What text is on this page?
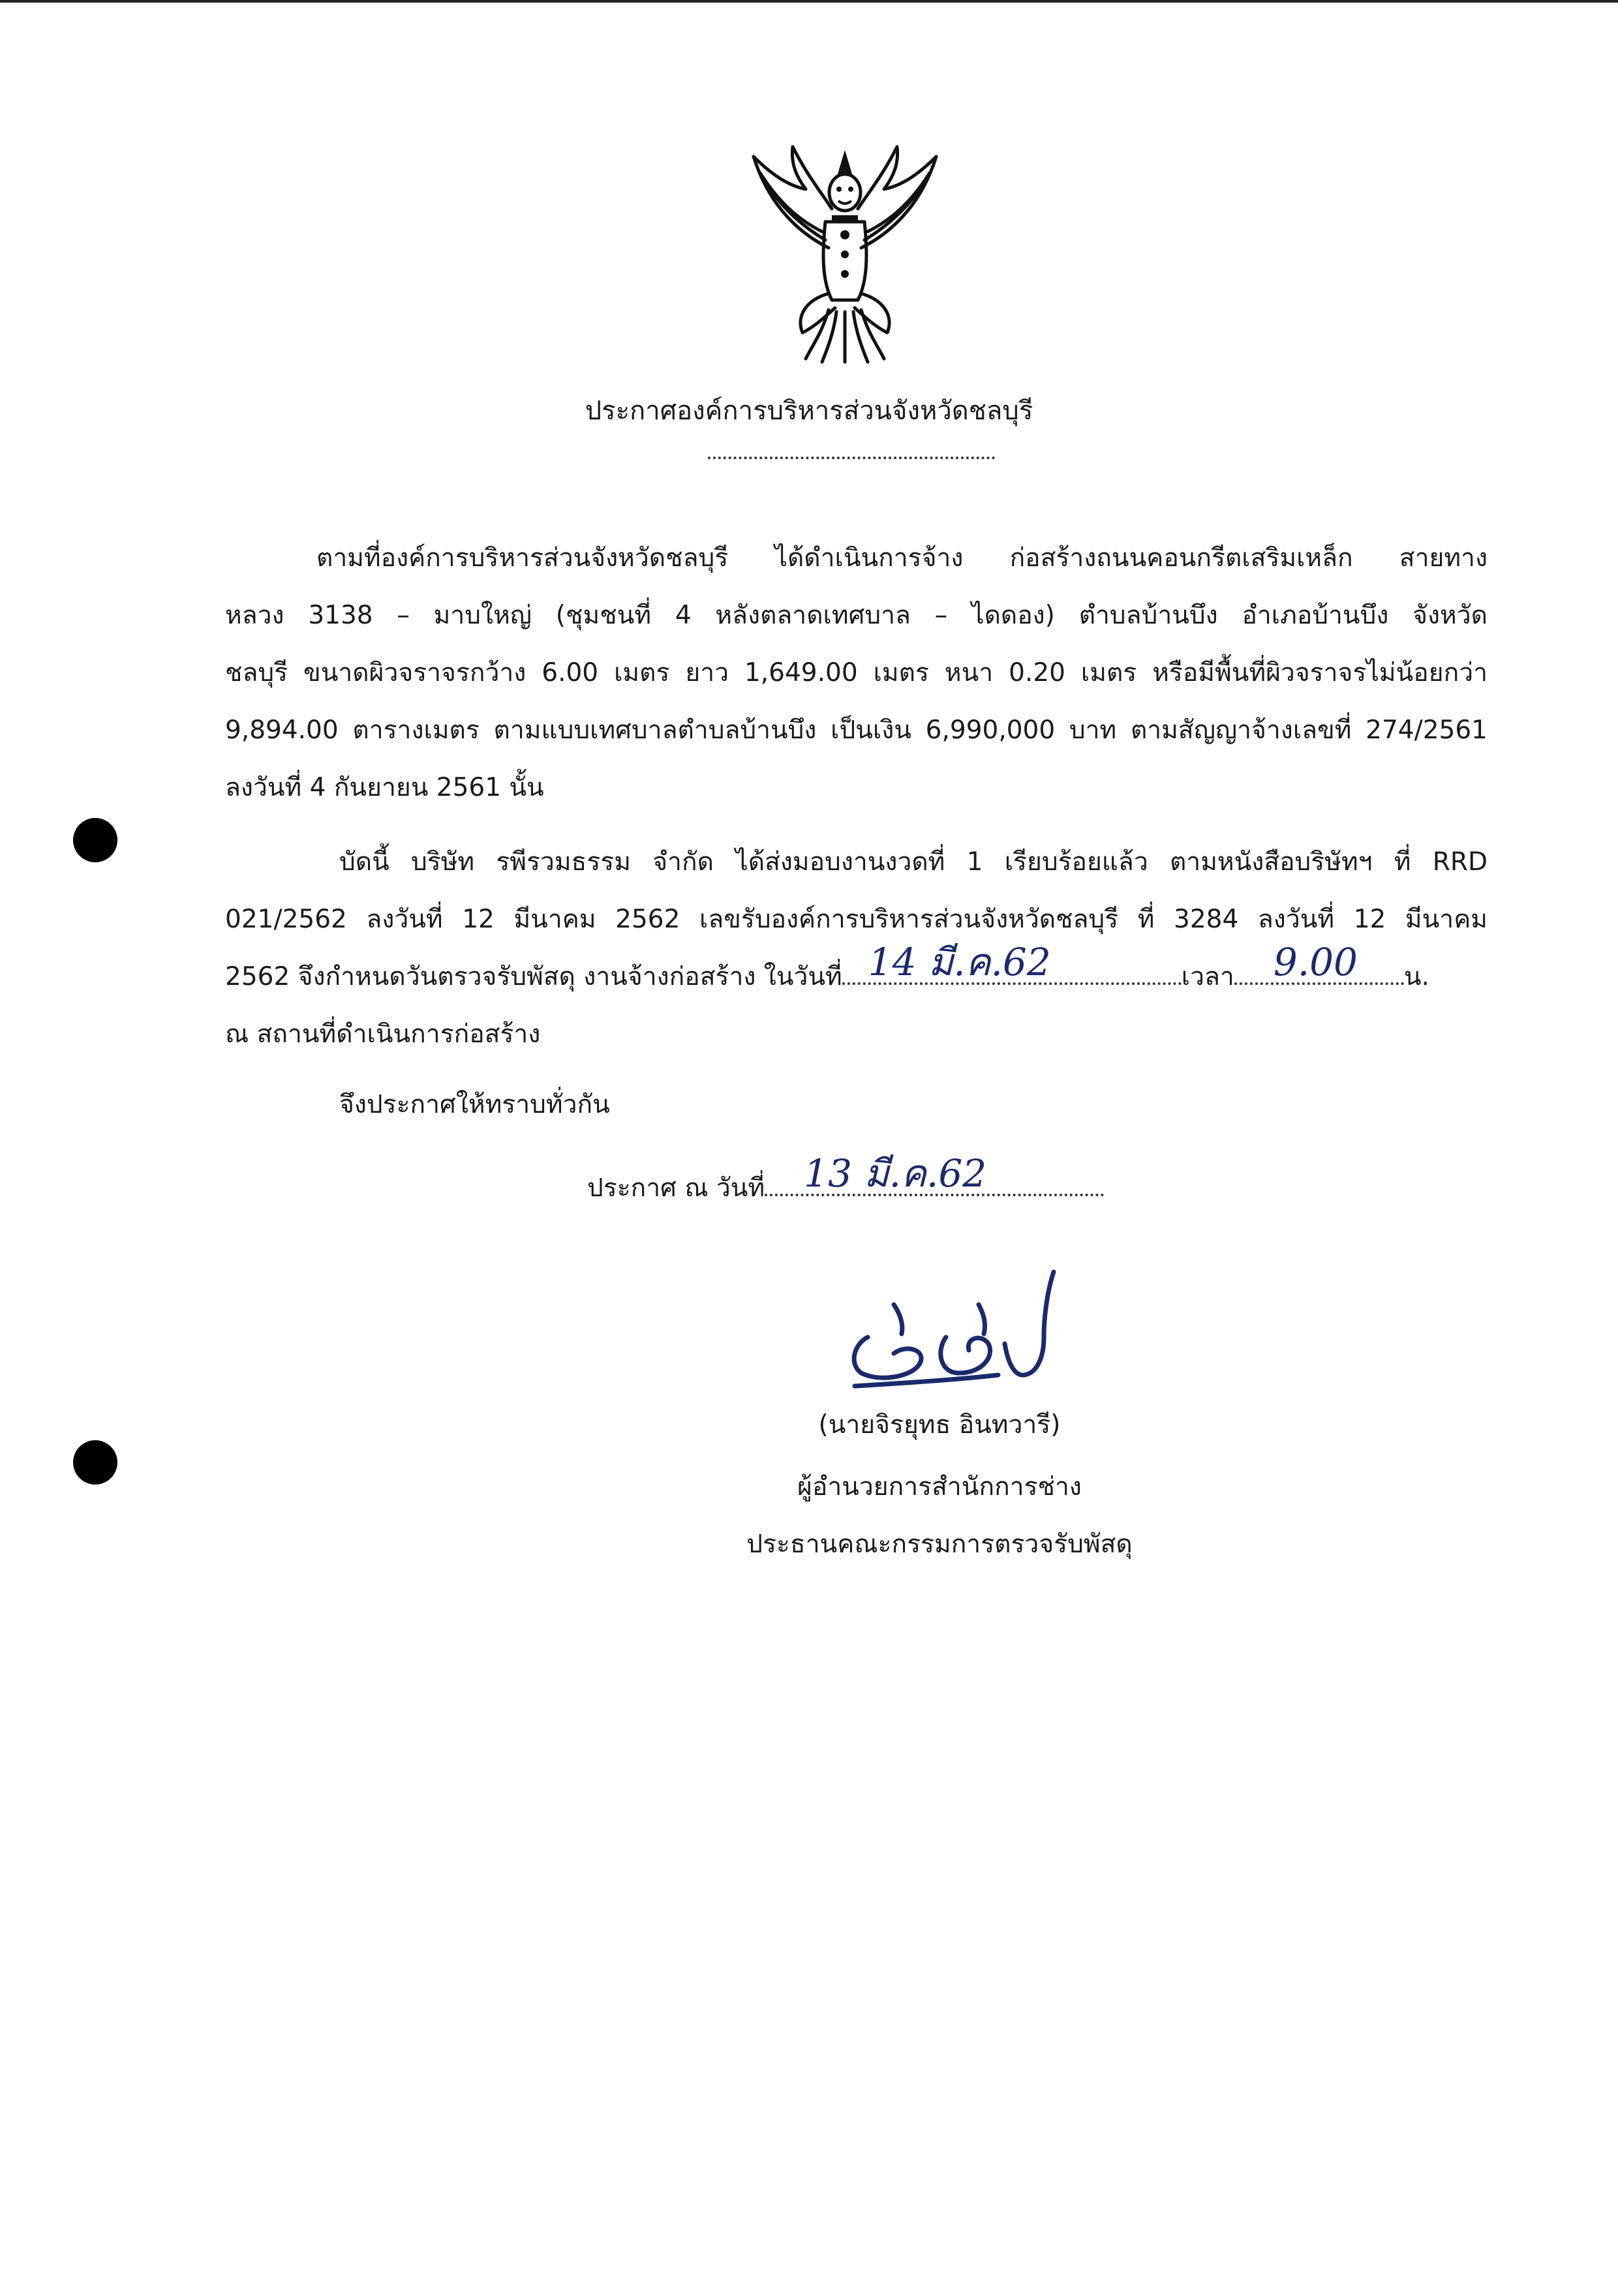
ประกาศองค์การบริหารส่วนจังหวัดชลบุรี
ตามที่องค์การบริหารส่วนจังหวัดชลบุรี ได้ดำเนินการจ้าง ก่อสร้างถนนคอนกรีตเสริมเหล็ก สายทาง
หลวง 3138 – มาบใหญ่ (ชุมชนที่ 4 หลังตลาดเทศบาล – ไดดอง) ตำบลบ้านบึง อำเภอบ้านบึง จังหวัด
ชลบุรี ขนาดผิวจราจรกว้าง 6.00 เมตร ยาว 1,649.00 เมตร หนา 0.20 เมตร หรือมีพื้นที่ผิวจราจรไม่น้อยกว่า
9,894.00 ตารางเมตร ตามแบบเทศบาลตำบลบ้านบึง เป็นเงิน 6,990,000 บาท ตามสัญญาจ้างเลขที่ 274/2561
ลงวันที่ 4 กันยายน 2561 นั้น
บัดนี้ บริษัท รพีรวมธรรม จำกัด ได้ส่งมอบงานงวดที่ 1 เรียบร้อยแล้ว ตามหนังสือบริษัทฯ ที่ RRD
021/2562 ลงวันที่ 12 มีนาคม 2562 เลขรับองค์การบริหารส่วนจังหวัดชลบุรี ที่ 3284 ลงวันที่ 12 มีนาคม
2562 จึงกำหนดวันตรวจรับพัสดุ งานจ้างก่อสร้าง ในวันที่ 14 มี.ค.62	เวลา 9.00 น.
ณ สถานที่ดำเนินการก่อสร้าง
จึงประกาศให้ทราบทั่วกัน
ประกาศ ณ วันที่ 13 มี.ค.62
(นายจิรยุทธ อินทวารี)
ผู้อำนวยการสำนักการช่าง
ประธานคณะกรรมการตรวจรับพัสดุ
